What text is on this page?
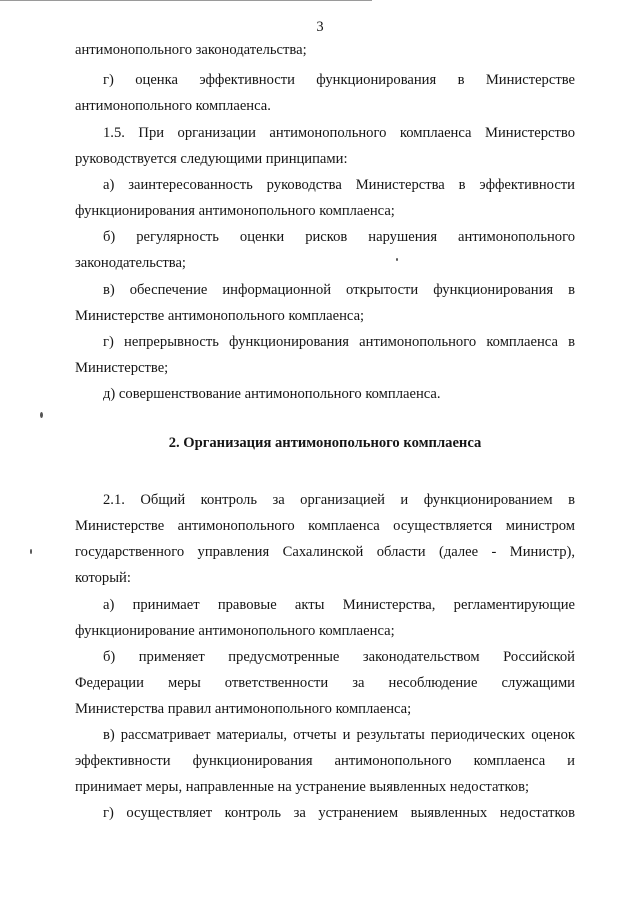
3
антимонопольного законодательства;
г) оценка эффективности функционирования в Министерстве
антимонопольного комплаенса.
1.5. При организации антимонопольного комплаенса Министерство
руководствуется следующими принципами:
а) заинтересованность руководства Министерства в эффективности
функционирования антимонопольного комплаенса;
б) регулярность оценки рисков нарушения антимонопольного
законодательства;
в) обеспечение информационной открытости функционирования в
Министерстве антимонопольного комплаенса;
г) непрерывность функционирования антимонопольного комплаенса в
Министерстве;
д) совершенствование антимонопольного комплаенса.
2. Организация антимонопольного комплаенса
2.1. Общий контроль за организацией и функционированием в
Министерстве антимонопольного комплаенса осуществляется министром
государственного управления Сахалинской области (далее - Министр),
который:
а) принимает правовые акты Министерства, регламентирующие
функционирование антимонопольного комплаенса;
б) применяет предусмотренные законодательством Российской
Федерации меры ответственности за несоблюдение служащими
Министерства правил антимонопольного комплаенса;
в) рассматривает материалы, отчеты и результаты периодических оценок
эффективности функционирования антимонопольного комплаенса и
принимает меры, направленные на устранение выявленных недостатков;
г) осуществляет контроль за устранением выявленных недостатков
